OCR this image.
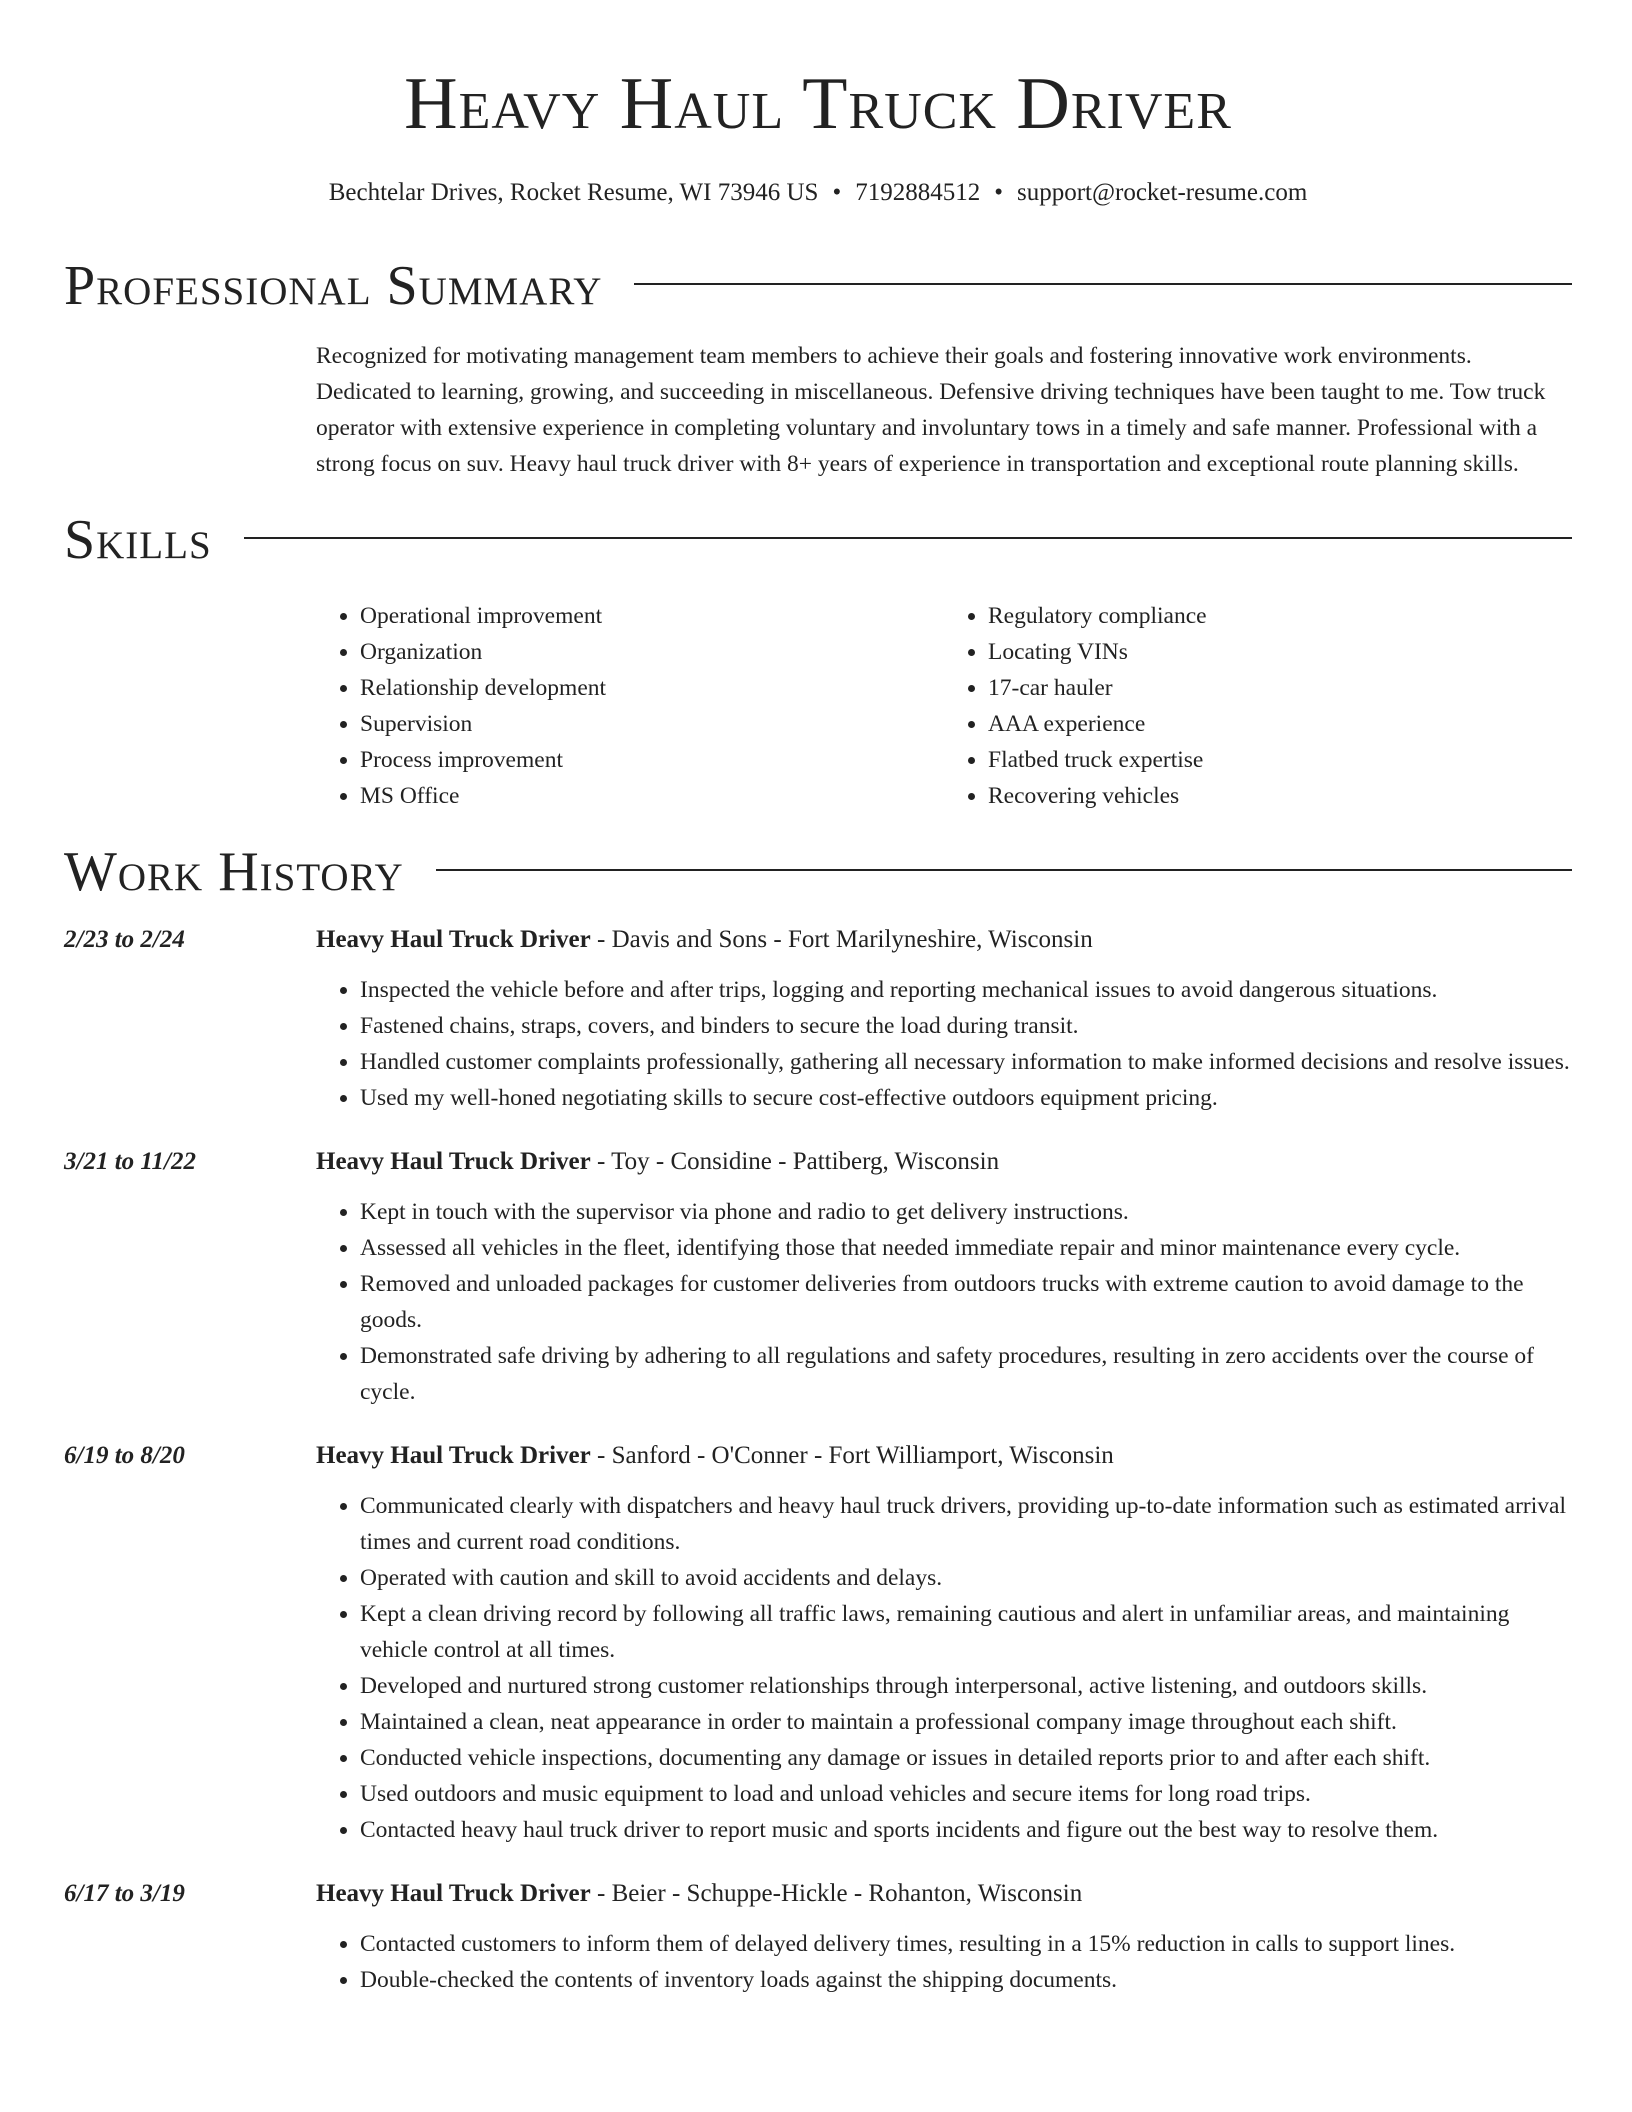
Heavy Haul Truck Driver
Bechtelar Drives, Rocket Resume, WI 73946 US • 7192884512 • support@rocket-resume.com
Professional Summary
Recognized for motivating management team members to achieve their goals and fostering innovative work environments. Dedicated to learning, growing, and succeeding in miscellaneous. Defensive driving techniques have been taught to me. Tow truck operator with extensive experience in completing voluntary and involuntary tows in a timely and safe manner. Professional with a strong focus on suv. Heavy haul truck driver with 8+ years of experience in transportation and exceptional route planning skills.
Skills
• Operational improvement
• Organization
• Relationship development
• Supervision
• Process improvement
• MS Office
• Regulatory compliance
• Locating VINs
• 17-car hauler
• AAA experience
• Flatbed truck expertise
• Recovering vehicles
Work History
2/23 to 2/24	Heavy Haul Truck Driver - Davis and Sons - Fort Marilyneshire, Wisconsin
• Inspected the vehicle before and after trips, logging and reporting mechanical issues to avoid dangerous situations.
• Fastened chains, straps, covers, and binders to secure the load during transit.
• Handled customer complaints professionally, gathering all necessary information to make informed decisions and resolve issues.
• Used my well-honed negotiating skills to secure cost-effective outdoors equipment pricing.
3/21 to 11/22	Heavy Haul Truck Driver - Toy - Considine - Pattiberg, Wisconsin
• Kept in touch with the supervisor via phone and radio to get delivery instructions.
• Assessed all vehicles in the fleet, identifying those that needed immediate repair and minor maintenance every cycle.
• Removed and unloaded packages for customer deliveries from outdoors trucks with extreme caution to avoid damage to the goods.
• Demonstrated safe driving by adhering to all regulations and safety procedures, resulting in zero accidents over the course of cycle.
6/19 to 8/20	Heavy Haul Truck Driver - Sanford - O'Conner - Fort Williamport, Wisconsin
• Communicated clearly with dispatchers and heavy haul truck drivers, providing up-to-date information such as estimated arrival times and current road conditions.
• Operated with caution and skill to avoid accidents and delays.
• Kept a clean driving record by following all traffic laws, remaining cautious and alert in unfamiliar areas, and maintaining vehicle control at all times.
• Developed and nurtured strong customer relationships through interpersonal, active listening, and outdoors skills.
• Maintained a clean, neat appearance in order to maintain a professional company image throughout each shift.
• Conducted vehicle inspections, documenting any damage or issues in detailed reports prior to and after each shift.
• Used outdoors and music equipment to load and unload vehicles and secure items for long road trips.
• Contacted heavy haul truck driver to report music and sports incidents and figure out the best way to resolve them.
6/17 to 3/19	Heavy Haul Truck Driver - Beier - Schuppe-Hickle - Rohanton, Wisconsin
• Contacted customers to inform them of delayed delivery times, resulting in a 15% reduction in calls to support lines.
• Double-checked the contents of inventory loads against the shipping documents.
